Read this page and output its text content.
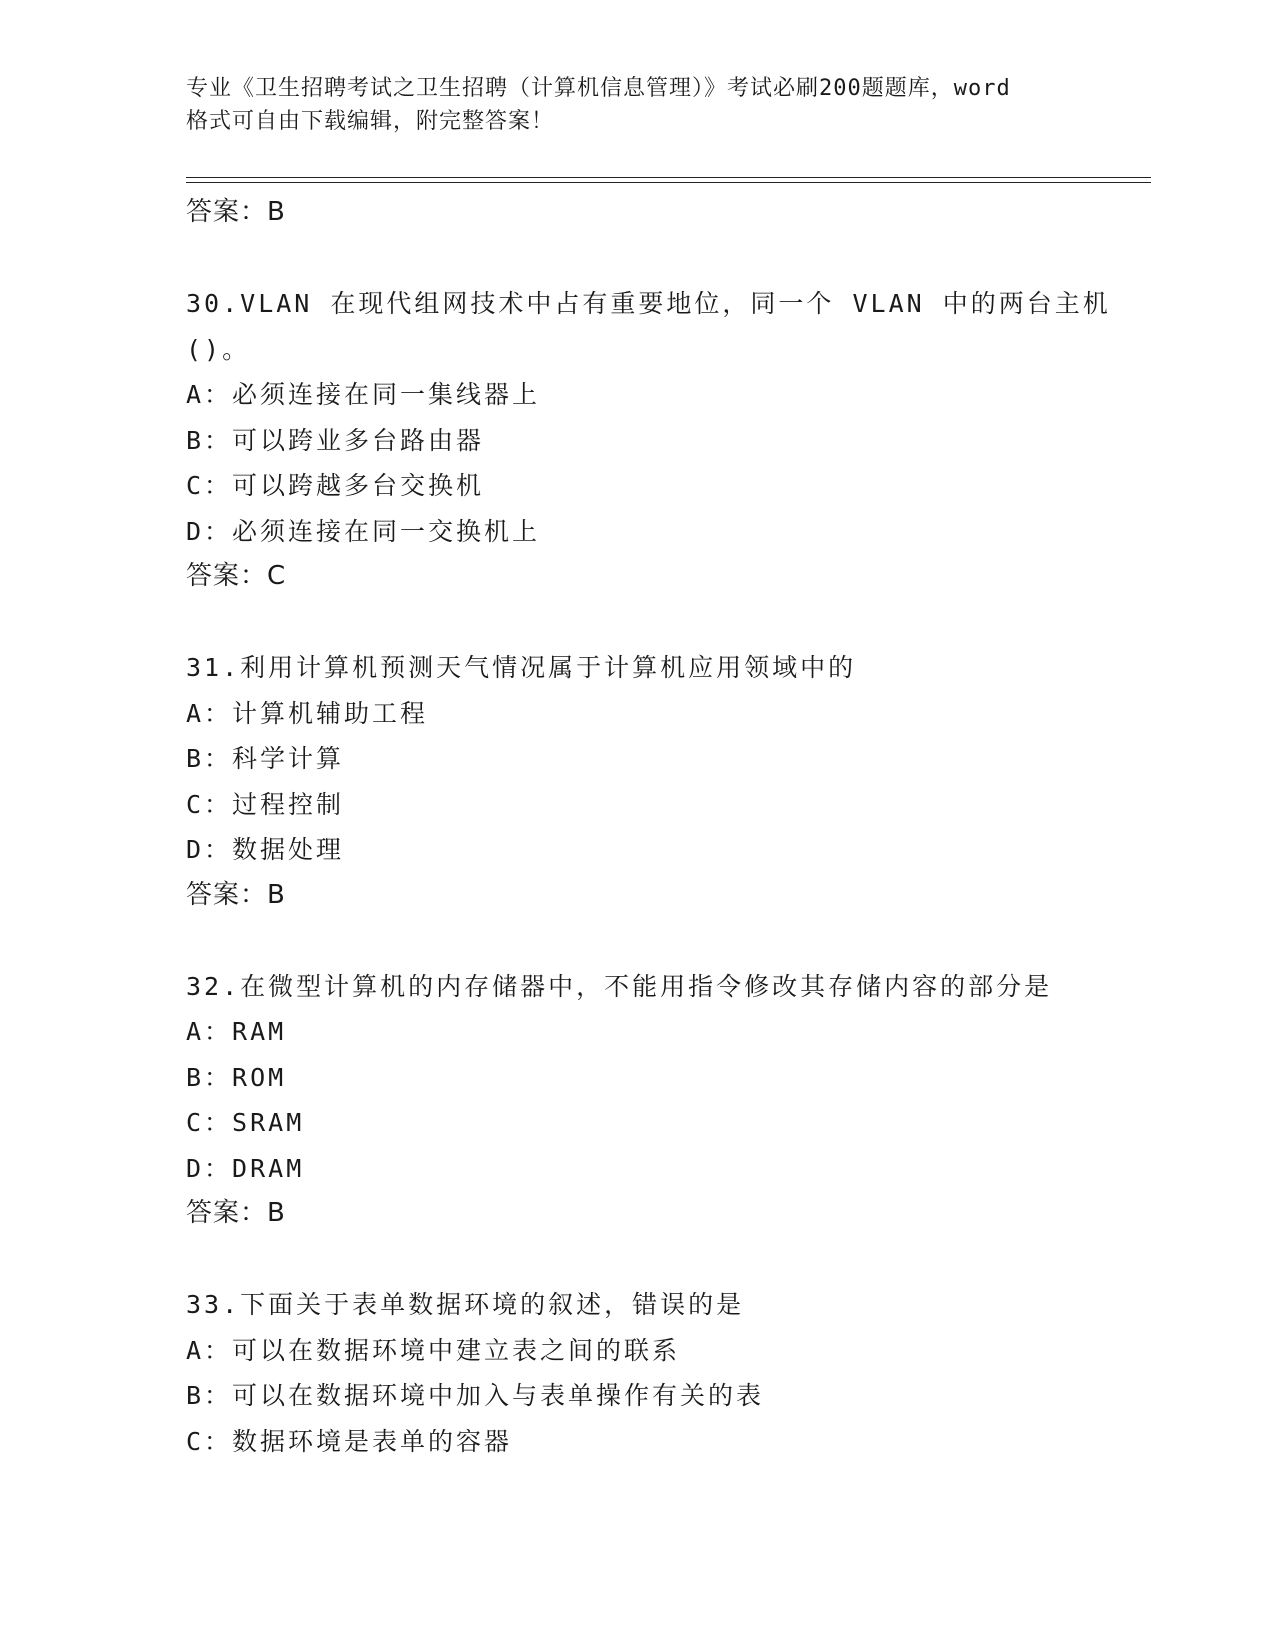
专业《卫生招聘考试之卫生招聘（计算机信息管理）》考试必刷200题题库，word
格式可自由下载编辑，附完整答案！
答案：B
30.VLAN 在现代组网技术中占有重要地位，同一个 VLAN 中的两台主机
()。
A：必须连接在同一集线器上
B：可以跨业多台路由器
C：可以跨越多台交换机
D：必须连接在同一交换机上
答案：C
31.利用计算机预测天气情况属于计算机应用领域中的
A：计算机辅助工程
B：科学计算
C：过程控制
D：数据处理
答案：B
32.在微型计算机的内存储器中，不能用指令修改其存储内容的部分是
A：RAM
B：ROM
C：SRAM
D：DRAM
答案：B
33.下面关于表单数据环境的叙述，错误的是
A：可以在数据环境中建立表之间的联系
B：可以在数据环境中加入与表单操作有关的表
C：数据环境是表单的容器
